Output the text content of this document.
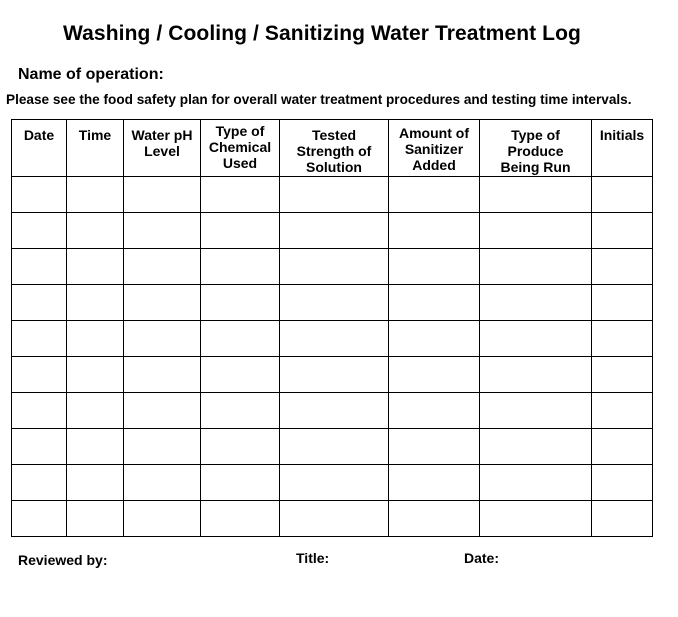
Washing / Cooling / Sanitizing Water Treatment Log
Name of operation:
Please see the food safety plan for overall water treatment procedures and testing time intervals.
Date	Time	Water pH Level	Type of Chemical Used	Tested Strength of Solution	Amount of Sanitizer Added	Type of Produce Being Run	Initials

Reviewed by:	Title:	Date:
